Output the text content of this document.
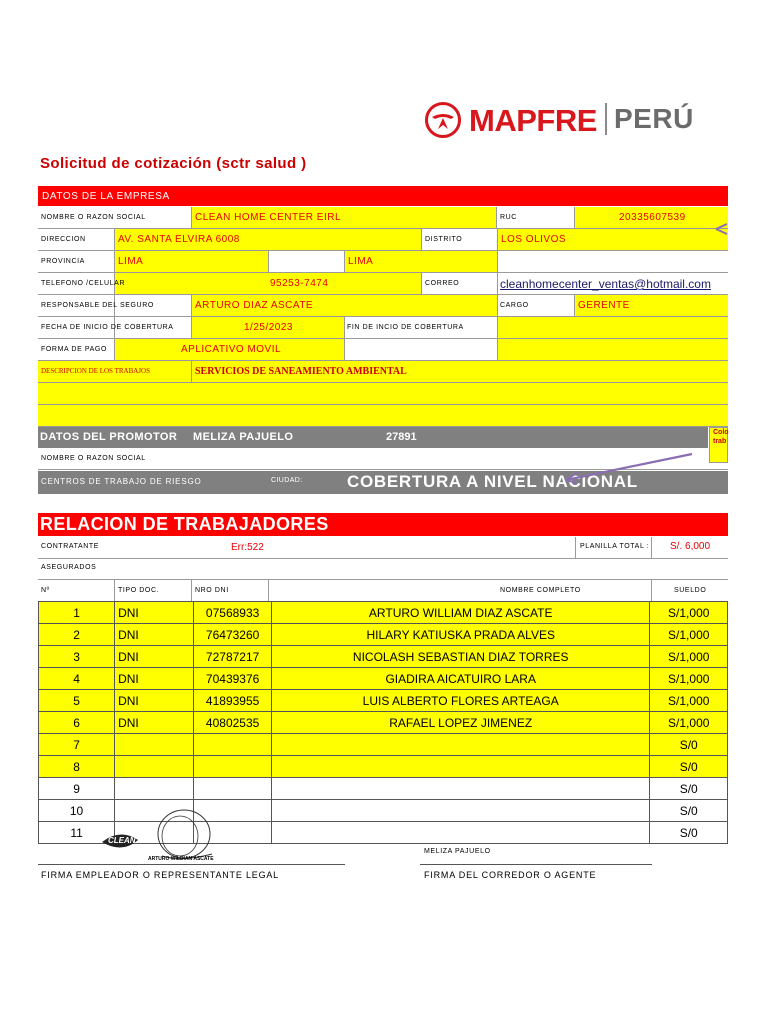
MAPFRE PERÚ
Solicitud de cotización (sctr salud )
DATOS DE LA EMPRESA
NOMBRE O RAZON SOCIAL	CLEAN HOME CENTER EIRL	RUC	20335607539
DIRECCION	AV. SANTA ELVIRA 6008	DISTRITO	LOS OLIVOS
PROVINCIA	LIMA	LIMA
TELEFONO /CELULAR	95253-7474	CORREO	cleanhomecenter_ventas@hotmail.com
RESPONSABLE DEL SEGURO	ARTURO DIAZ ASCATE	CARGO	GERENTE
FECHA DE INICIO DE COBERTURA	1/25/2023	FIN DE INCIO DE COBERTURA
FORMA DE PAGO	APLICATIVO MOVIL
DESCRIPCION DE LOS TRABAJOS	SERVICIOS DE SANEAMIENTO AMBIENTAL
DATOS DEL PROMOTOR MELIZA PAJUELO	27891	Colo
trab
NOMBRE O RAZON SOCIAL
CENTROS DE TRABAJO DE RIESGO	CIUDAD:	COBERTURA A NIVEL NACIONAL
RELACION DE TRABAJADORES
CONTRATANTE	Err:522	PLANILLA TOTAL : S/. 6,000
ASEGURADOS
Nº	TIPO DOC.	NRO DNI	NOMBRE COMPLETO	SUELDO
1	DNI	07568933	ARTURO WILLIAM DIAZ ASCATE	S/1,000
2	DNI	76473260	HILARY KATIUSKA PRADA ALVES	S/1,000
3	DNI	72787217	NICOLASH SEBASTIAN DIAZ TORRES	S/1,000
4	DNI	70439376	GIADIRA AICATUIRO LARA	S/1,000
5	DNI	41893955	LUIS ALBERTO FLORES ARTEAGA	S/1,000
6	DNI	40802535	RAFAEL LOPEZ JIMENEZ	S/1,000
7				S/0
8				S/0
9				S/0
10				S/0
11				S/0
CLEAN
ARTURO WILDIAN ASCATE
FIRMA EMPLEADOR O REPRESENTANTE LEGAL
MELIZA PAJUELO
FIRMA DEL CORREDOR O AGENTE
